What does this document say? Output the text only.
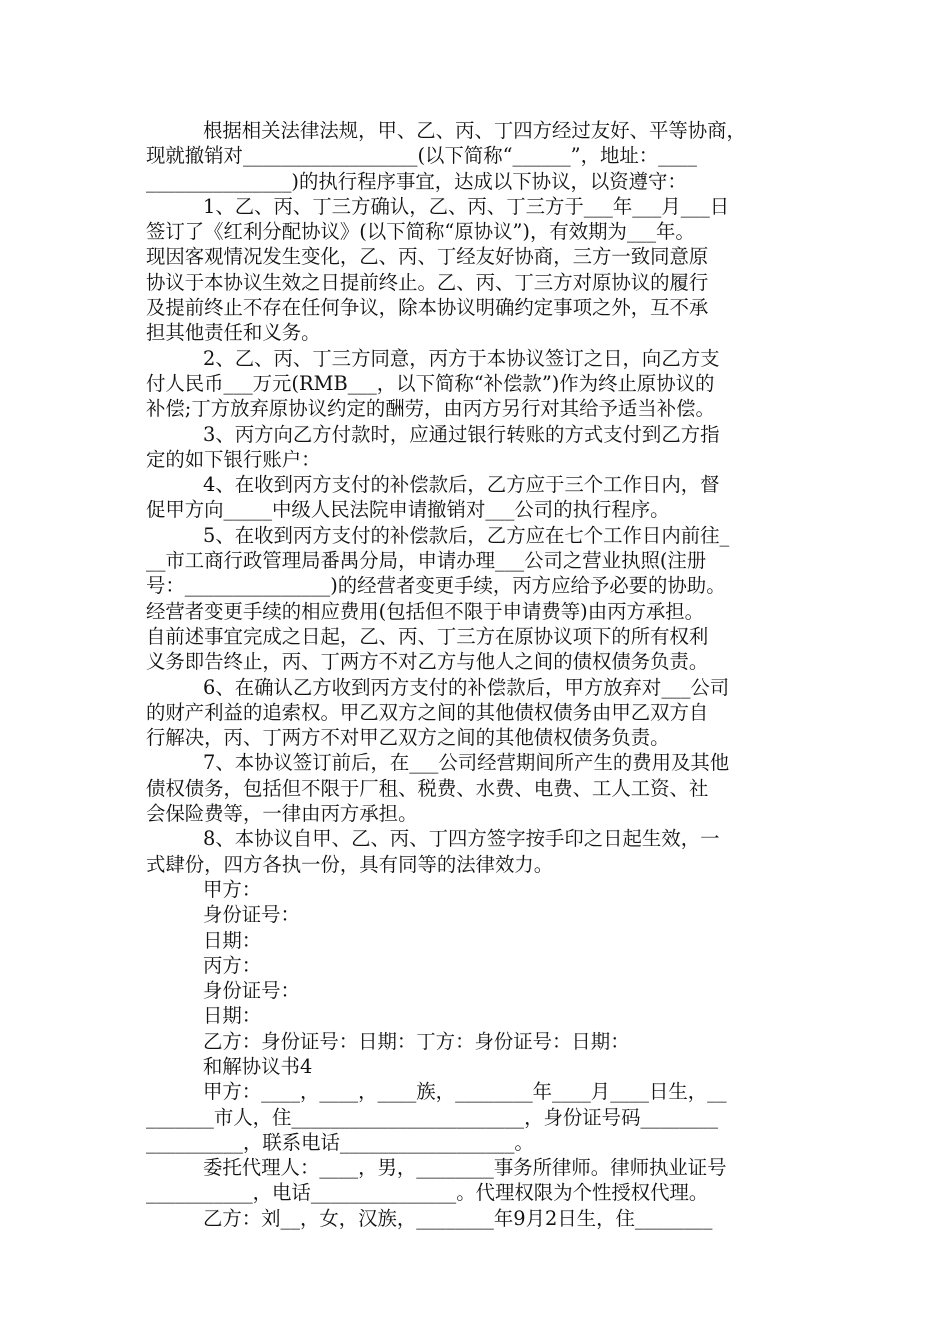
根据相关法律法规，甲、乙、丙、丁四方经过友好、平等协商，
现就撤销对__________________(以下简称“______”，地址：____
_______________)的执行程序事宜，达成以下协议，以资遵守：
1、乙、丙、丁三方确认，乙、丙、丁三方于___年___月___日
签订了《红利分配协议》(以下简称“原协议”)，有效期为___年。
现因客观情况发生变化，乙、丙、丁经友好协商，三方一致同意原
协议于本协议生效之日提前终止。乙、丙、丁三方对原协议的履行
及提前终止不存在任何争议，除本协议明确约定事项之外，互不承
担其他责任和义务。
2、乙、丙、丁三方同意，丙方于本协议签订之日，向乙方支
付人民币___万元(RMB___，以下简称“补偿款”)作为终止原协议的
补偿;丁方放弃原协议约定的酬劳，由丙方另行对其给予适当补偿。
3、丙方向乙方付款时，应通过银行转账的方式支付到乙方指
定的如下银行账户：
4、在收到丙方支付的补偿款后，乙方应于三个工作日内，督
促甲方向_____中级人民法院申请撤销对___公司的执行程序。
5、在收到丙方支付的补偿款后，乙方应在七个工作日内前往_
__市工商行政管理局番禺分局，申请办理___公司之营业执照(注册
号：_______________)的经营者变更手续，丙方应给予必要的协助。
经营者变更手续的相应费用(包括但不限于申请费等)由丙方承担。
自前述事宜完成之日起，乙、丙、丁三方在原协议项下的所有权利
义务即告终止，丙、丁两方不对乙方与他人之间的债权债务负责。
6、在确认乙方收到丙方支付的补偿款后，甲方放弃对___公司
的财产利益的追索权。甲乙双方之间的其他债权债务由甲乙双方自
行解决，丙、丁两方不对甲乙双方之间的其他债权债务负责。
7、本协议签订前后，在___公司经营期间所产生的费用及其他
债权债务，包括但不限于厂租、税费、水费、电费、工人工资、社
会保险费等，一律由丙方承担。
8、本协议自甲、乙、丙、丁四方签字按手印之日起生效，一
式肆份，四方各执一份，具有同等的法律效力。
甲方：
身份证号：
日期：
丙方：
身份证号：
日期：
乙方：身份证号：日期：丁方：身份证号：日期：
和解协议书4
甲方：____，____，____族，________年____月____日生，__
_______市人，住________________________，身份证号码________
__________，联系电话__________________。
委托代理人：____，男，________事务所律师。律师执业证号
___________，电话_______________。代理权限为个性授权代理。
乙方：刘__，女，汉族，________年9月2日生，住________
